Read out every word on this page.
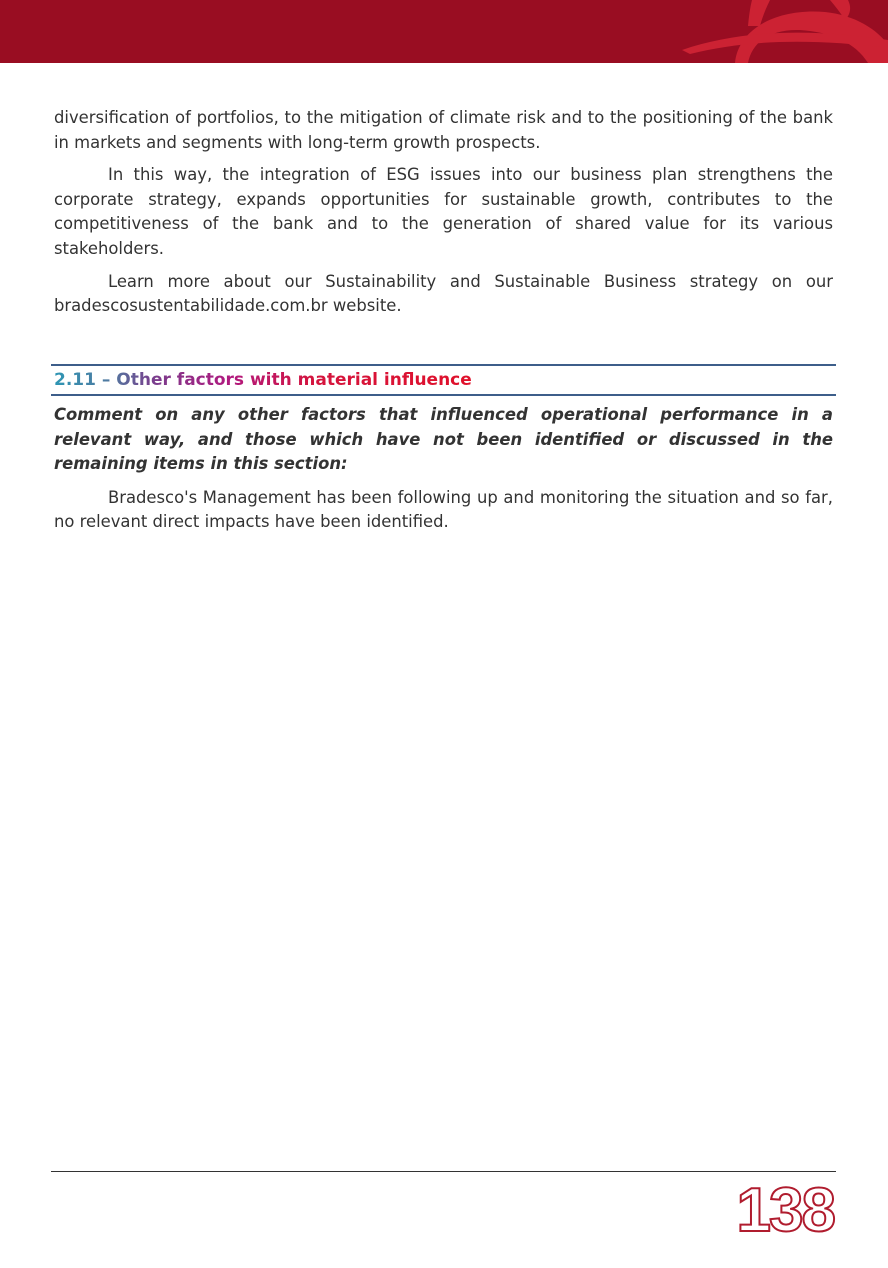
diversification of portfolios, to the mitigation of climate risk and to the positioning of the bank in markets and segments with long-term growth prospects.

In this way, the integration of ESG issues into our business plan strengthens the corporate strategy, expands opportunities for sustainable growth, contributes to the competitiveness of the bank and to the generation of shared value for its various stakeholders.

Learn more about our Sustainability and Sustainable Business strategy on our bradescosustentabilidade.com.br website.

2.11 – Other factors with material influence

Comment on any other factors that influenced operational performance in a relevant way, and those which have not been identified or discussed in the remaining items in this section:

Bradesco's Management has been following up and monitoring the situation and so far, no relevant direct impacts have been identified.

138
